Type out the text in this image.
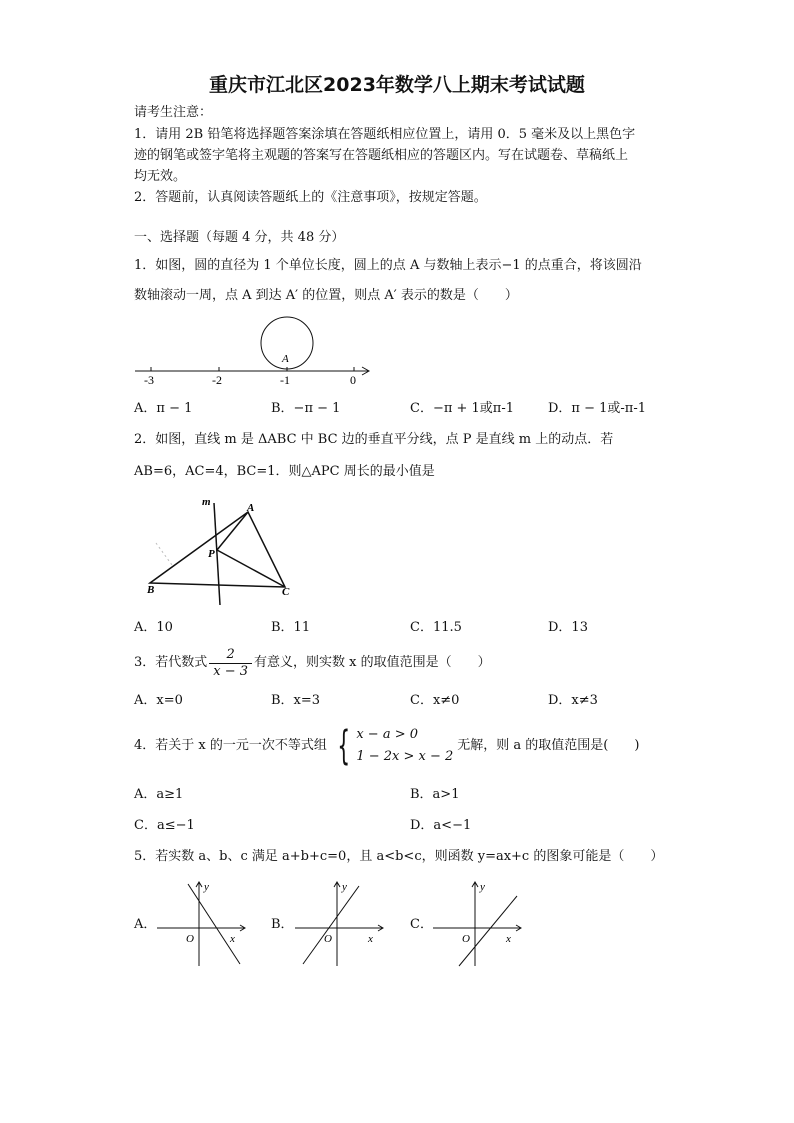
重庆市江北区2023年数学八上期末考试试题
请考生注意：
1．请用 2B 铅笔将选择题答案涂填在答题纸相应位置上，请用 0．5 毫米及以上黑色字
迹的钢笔或签字笔将主观题的答案写在答题纸相应的答题区内。写在试题卷、草稿纸上
均无效。
2．答题前，认真阅读答题纸上的《注意事项》，按规定答题。
一、选择题（每题 4 分，共 48 分）
1．如图，圆的直径为 1 个单位长度，圆上的点 A 与数轴上表示−1 的点重合，将该圆沿
数轴滚动一周，点 A 到达 A′ 的位置，则点 A′ 表示的数是（　　）
A
-3	-2	-1	0
A．π − 1	B．−π − 1	C．−π + 1或π-1	D．π − 1或-π-1
2．如图，直线 m 是 ΔABC 中 BC 边的垂直平分线，点 P 是直线 m 上的动点．若
AB=6，AC=4，BC=1．则△APC 周长的最小值是
m	A
P
B	C
A．10	B．11	C．11.5	D．13
3．若代数式 $\frac{2}{x - 3}$ 有意义，则实数 x 的取值范围是（　　）
A．x=0	B．x=3	C．x≠0	D．x≠3
4．若关于 x 的一元一次不等式组 { x − a > 0
1 − 2x > x − 2
无解，则 a 的取值范围是(　　)
A．a≥1	B．a>1
C．a≤−1	D．a<−1
5．若实数 a、b、c 满足 a+b+c=0，且 a<b<c，则函数 y=ax+c 的图象可能是（　　）
A．	B．	C．
y
x
O
y
x
O
y
x
O
